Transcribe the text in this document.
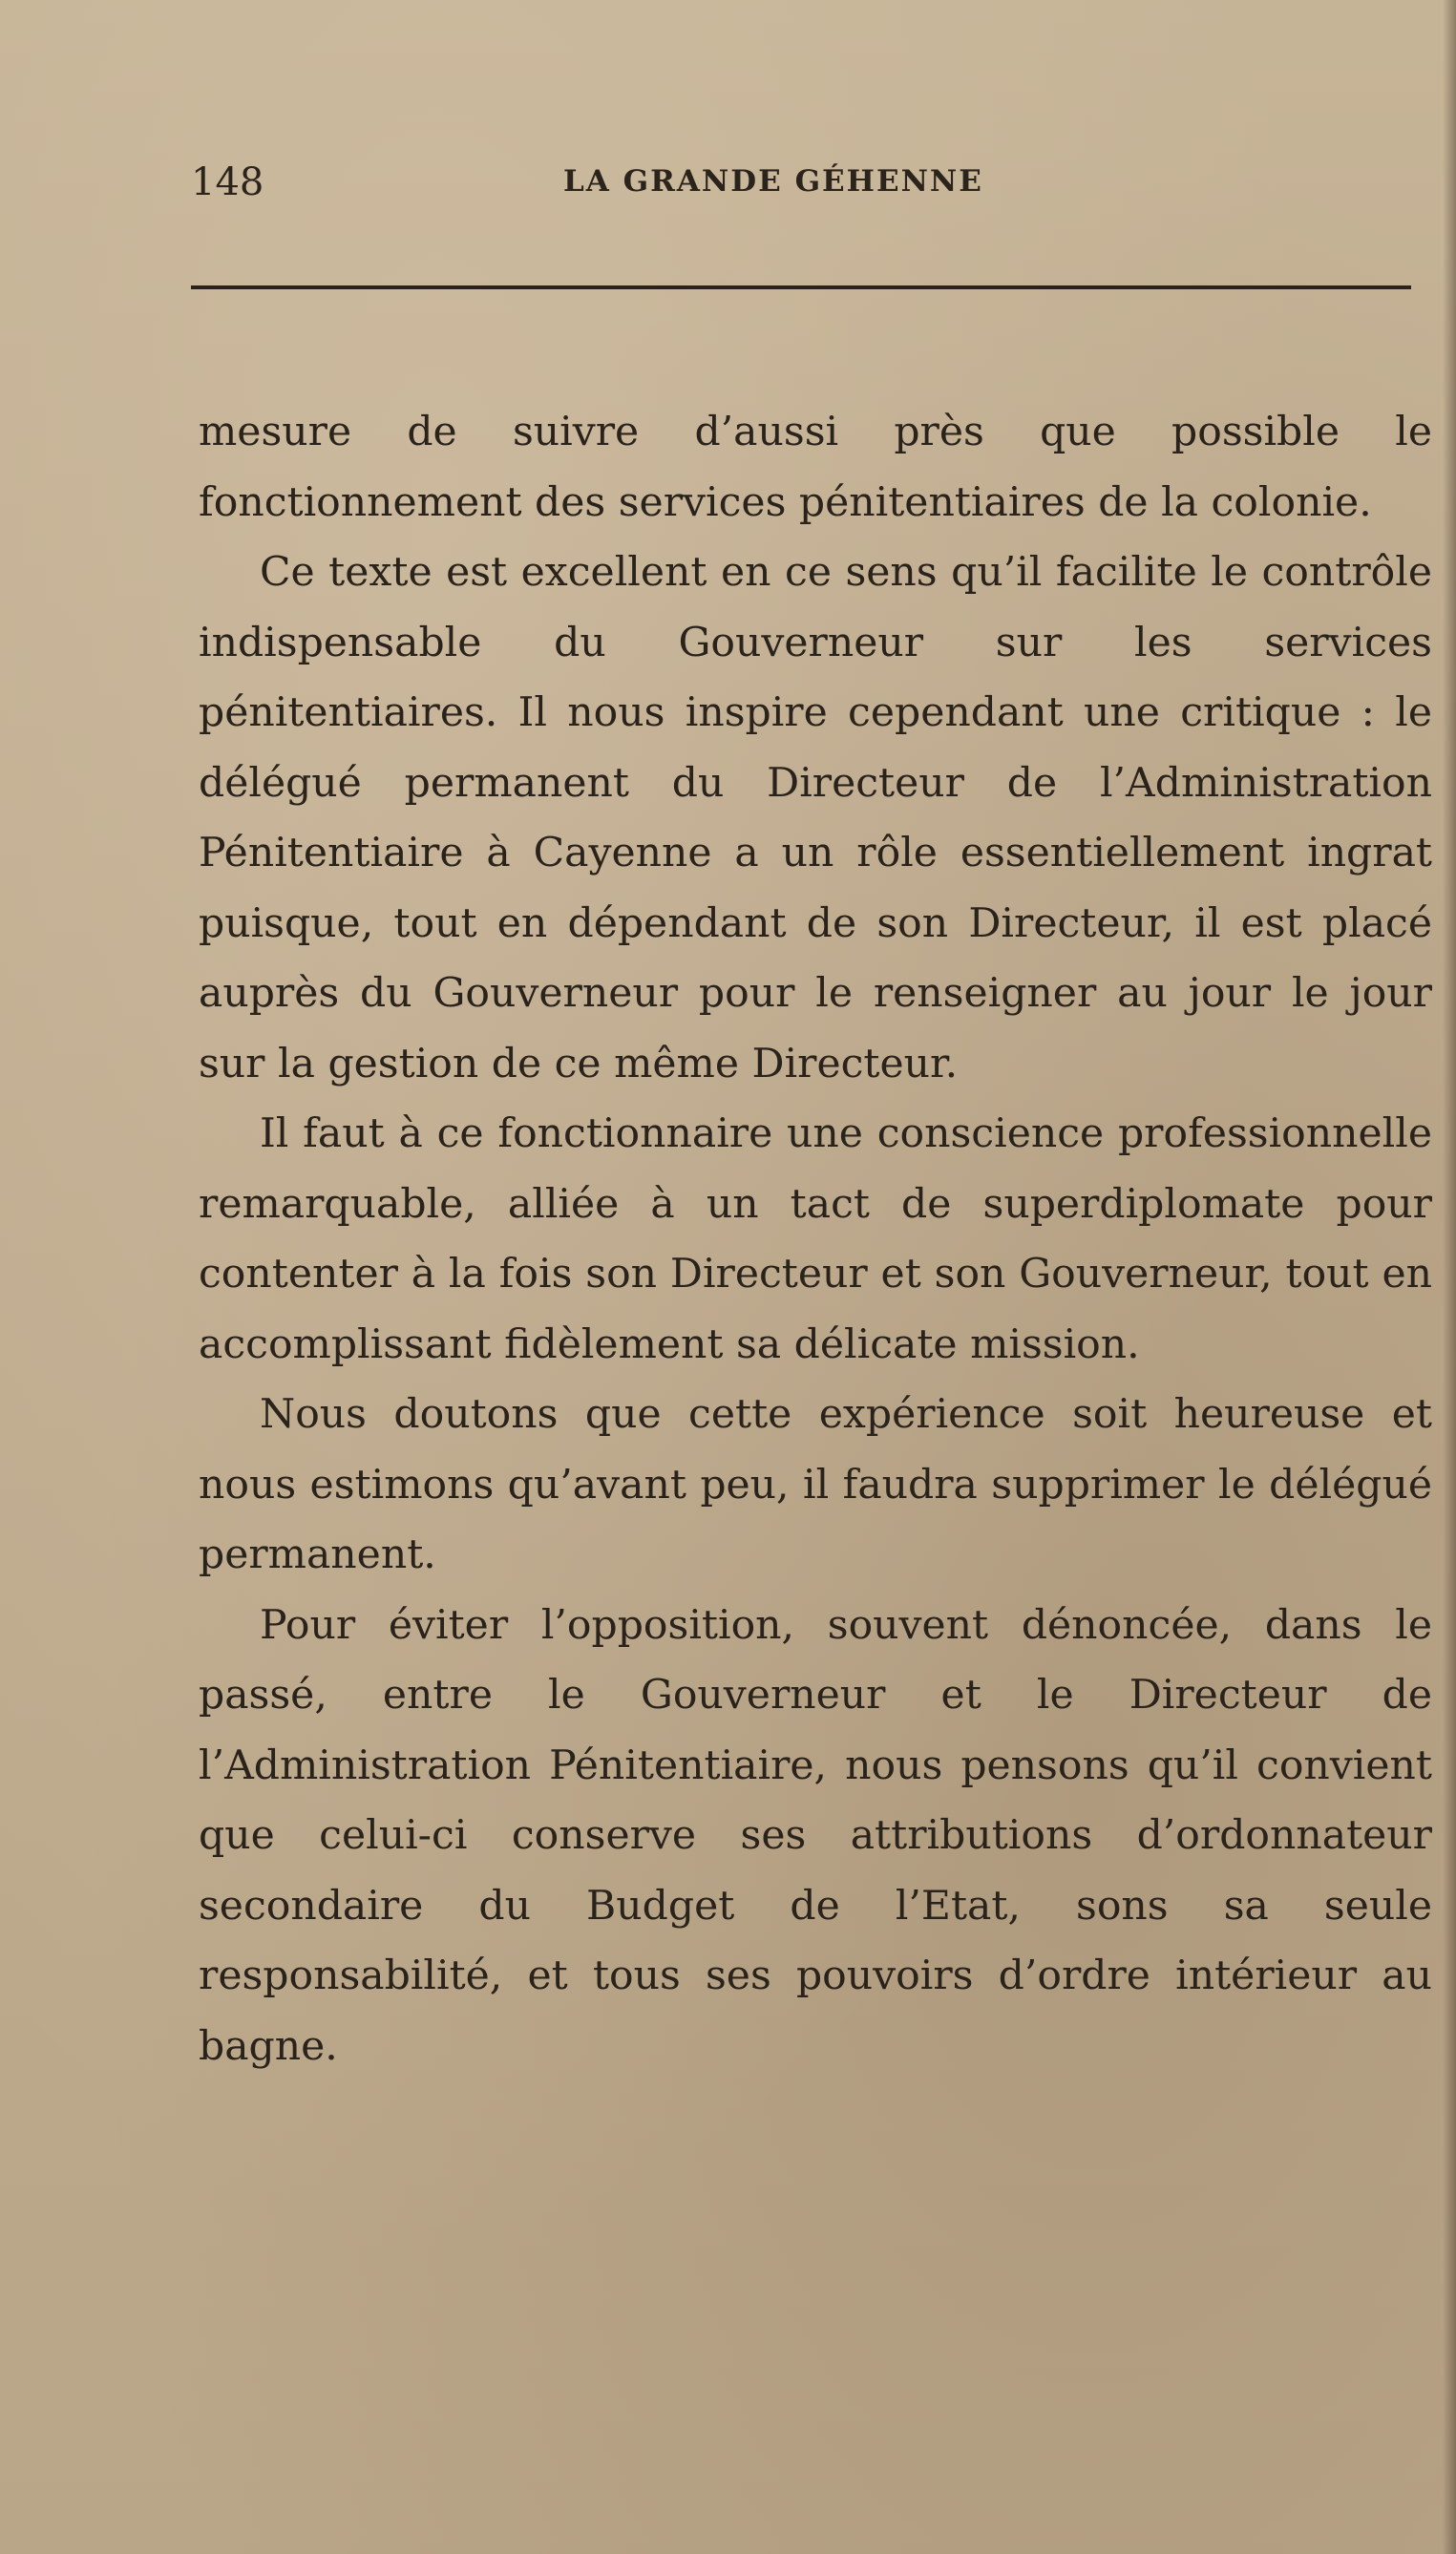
148	LA GRANDE GÉHENNE

mesure de suivre d’aussi près que possible le fonctionnement des services pénitentiaires de la colonie.

Ce texte est excellent en ce sens qu’il facilite le contrôle indispensable du Gouverneur sur les services pénitentiaires. Il nous inspire cependant une critique : le délégué permanent du Directeur de l’Administration Pénitentiaire à Cayenne a un rôle essentiellement ingrat puisque, tout en dépendant de son Directeur, il est placé auprès du Gouverneur pour le renseigner au jour le jour sur la gestion de ce même Directeur.

Il faut à ce fonctionnaire une conscience professionnelle remarquable, alliée à un tact de superdiplomate pour contenter à la fois son Directeur et son Gouverneur, tout en accomplissant fidèlement sa délicate mission.

Nous doutons que cette expérience soit heureuse et nous estimons qu’avant peu, il faudra supprimer le délégué permanent.

Pour éviter l’opposition, souvent dénoncée, dans le passé, entre le Gouverneur et le Directeur de l’Administration Pénitentiaire, nous pensons qu’il convient que celui-ci conserve ses attributions d’ordonnateur secondaire du Budget de l’Etat, sons sa seule responsabilité, et tous ses pouvoirs d’ordre intérieur au bagne.
